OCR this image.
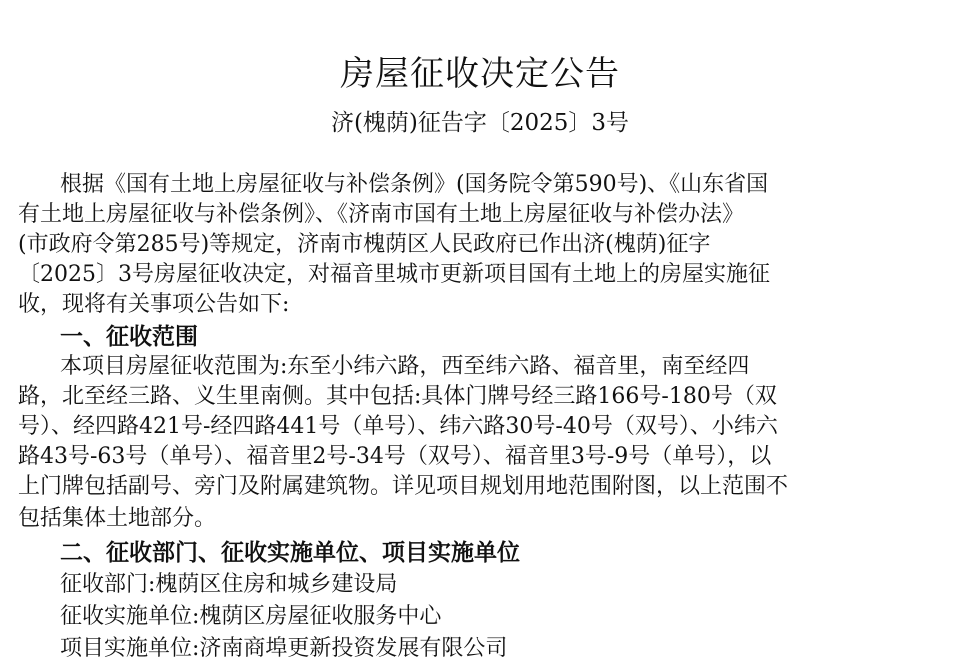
房屋征收决定公告
济(槐荫)征告字〔2025〕3号
根据《国有土地上房屋征收与补偿条例》(国务院令第590号)、《山东省国
有土地上房屋征收与补偿条例》、《济南市国有土地上房屋征收与补偿办法》
(市政府令第285号)等规定，济南市槐荫区人民政府已作出济(槐荫)征字
〔2025〕3号房屋征收决定，对福音里城市更新项目国有土地上的房屋实施征
收，现将有关事项公告如下:
一、征收范围
本项目房屋征收范围为:东至小纬六路，西至纬六路、福音里，南至经四
路，北至经三路、义生里南侧。其中包括:具体门牌号经三路166号-180号（双
号）、经四路421号-经四路441号（单号）、纬六路30号-40号（双号）、小纬六
路43号-63号（单号）、福音里2号-34号（双号）、福音里3号-9号（单号），以
上门牌包括副号、旁门及附属建筑物。详见项目规划用地范围附图，以上范围不
包括集体土地部分。
二、征收部门、征收实施单位、项目实施单位
征收部门:槐荫区住房和城乡建设局
征收实施单位:槐荫区房屋征收服务中心
项目实施单位:济南商埠更新投资发展有限公司
